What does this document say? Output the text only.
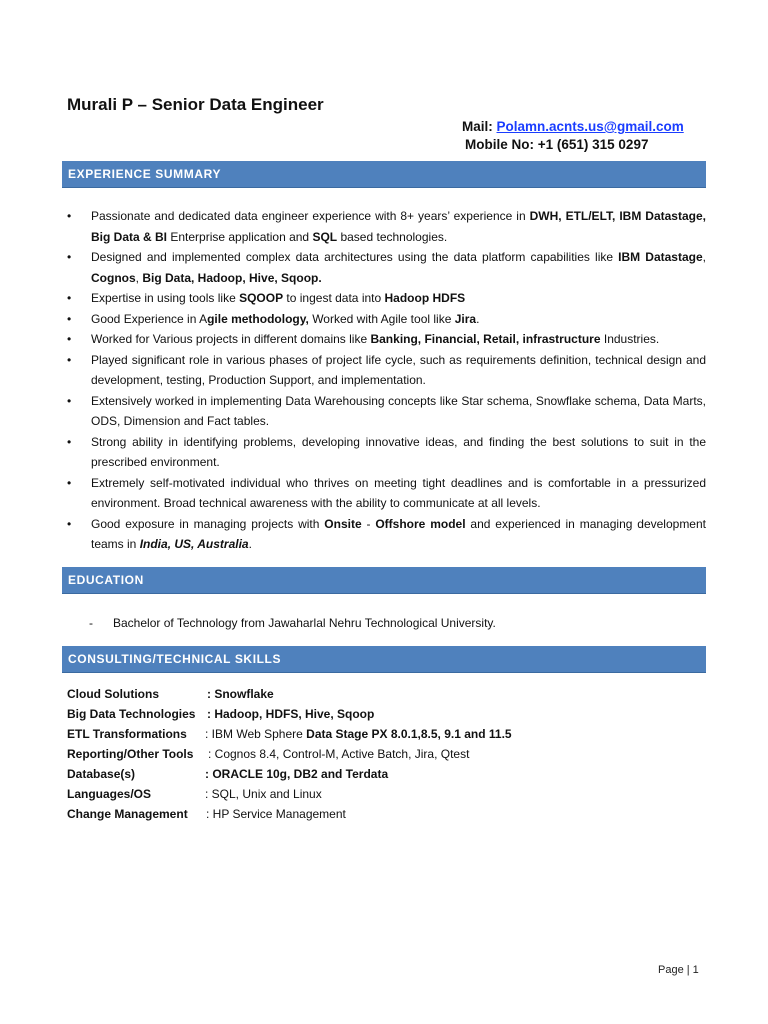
Murali P – Senior Data Engineer
Mail: Polamn.acnts.us@gmail.com
Mobile No: +1 (651) 315 0297
EXPERIENCE SUMMARY
• Passionate and dedicated data engineer experience with 8+ years’ experience in DWH, ETL/ELT, IBM Datastage, Big Data & BI Enterprise application and SQL based technologies.
• Designed and implemented complex data architectures using the data platform capabilities like IBM Datastage, Cognos, Big Data, Hadoop, Hive, Sqoop.
• Expertise in using tools like SQOOP to ingest data into Hadoop HDFS
• Good Experience in Agile methodology, Worked with Agile tool like Jira.
• Worked for Various projects in different domains like Banking, Financial, Retail, infrastructure Industries.
• Played significant role in various phases of project life cycle, such as requirements definition, technical design and development, testing, Production Support, and implementation.
• Extensively worked in implementing Data Warehousing concepts like Star schema, Snowflake schema, Data Marts, ODS, Dimension and Fact tables.
• Strong ability in identifying problems, developing innovative ideas, and finding the best solutions to suit in the prescribed environment.
• Extremely self-motivated individual who thrives on meeting tight deadlines and is comfortable in a pressurized environment. Broad technical awareness with the ability to communicate at all levels.
• Good exposure in managing projects with Onsite - Offshore model and experienced in managing development teams in India, US, Australia.
EDUCATION
- Bachelor of Technology from Jawaharlal Nehru Technological University.
CONSULTING/TECHNICAL SKILLS
Cloud Solutions	: Snowflake
Big Data Technologies : Hadoop, HDFS, Hive, Sqoop
ETL Transformations : IBM Web Sphere Data Stage PX 8.0.1,8.5, 9.1 and 11.5
Reporting/Other Tools : Cognos 8.4, Control-M, Active Batch, Jira, Qtest
Database(s)	: ORACLE 10g, DB2 and Terdata
Languages/OS	: SQL, Unix and Linux
Change Management : HP Service Management
Page | 1
